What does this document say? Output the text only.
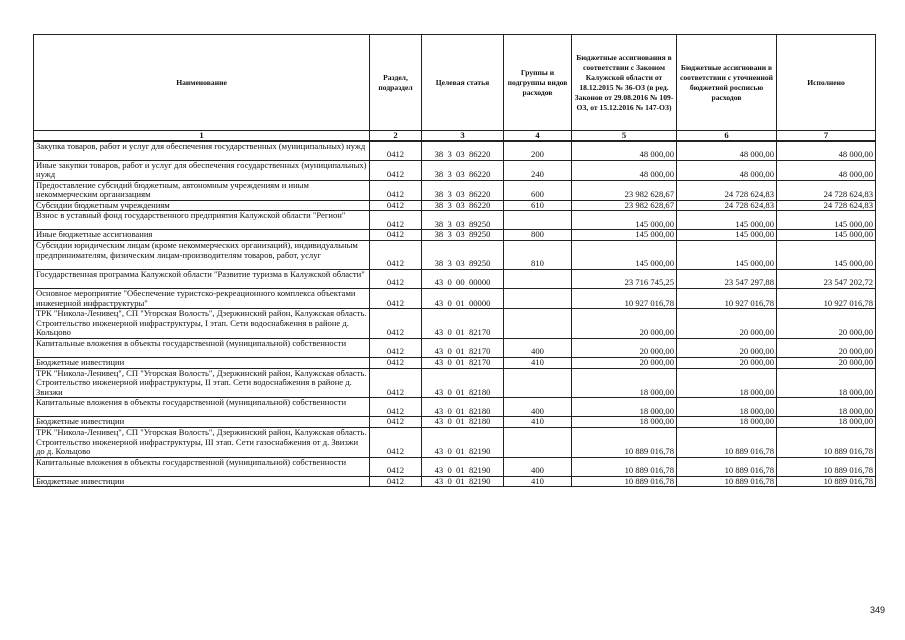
Наименование	Раздел, подраздел	Целевая статья	Группы и подгруппы видов расходов	Бюджетные ассигнования в соответствии с Законом Калужской области от 18.12.2015 № 36-ОЗ (в ред. Законов от 29.08.2016 № 109-ОЗ, от 15.12.2016 № 147-ОЗ)	Бюджетные ассигновани в соответствии с уточненной бюджетной росписью расходов	Исполнено
1	2	3	4	5	6	7
Закупка товаров, работ и услуг для обеспечения государственных (муниципальных) нужд	0412	38  3  03  86220	200	48 000,00	48 000,00	48 000,00
Иные закупки товаров, работ и услуг для обеспечения государственных (муниципальных) нужд	0412	38  3  03  86220	240	48 000,00	48 000,00	48 000,00
Предоставление субсидий бюджетным, автономным учреждениям и иным некоммерческим организациям	0412	38  3  03  86220	600	23 982 628,67	24 728 624,83	24 728 624,83
Субсидии бюджетным учреждениям	0412	38  3  03  86220	610	23 982 628,67	24 728 624,83	24 728 624,83
Взнос в уставный фонд государственного предприятия Калужской области "Регион"	0412	38  3  03  89250		145 000,00	145 000,00	145 000,00
Иные бюджетные ассигнования	0412	38  3  03  89250	800	145 000,00	145 000,00	145 000,00
Субсидии юридическим лицам (кроме некоммерческих организаций), индивидуальным предпринимателям, физическим лицам-производителям товаров, работ, услуг	0412	38  3  03  89250	810	145 000,00	145 000,00	145 000,00
Государственная программа Калужской области "Развитие туризма в Калужской области"	0412	43  0  00  00000		23 716 745,25	23 547 297,88	23 547 202,72
Основное мероприятие "Обеспечение туристско-рекреационного комплекса объектами инженерной инфраструктуры"	0412	43  0  01  00000		10 927 016,78	10 927 016,78	10 927 016,78
ТРК "Никола-Ленивец", СП "Угорская Волость", Дзержинский район, Калужская область. Строительство инженерной инфраструктуры, I этап. Сети водоснабжения в районе д. Кольцово	0412	43  0  01  82170		20 000,00	20 000,00	20 000,00
Капитальные вложения в объекты государственной (муниципальной) собственности	0412	43  0  01  82170	400	20 000,00	20 000,00	20 000,00
Бюджетные инвестиции	0412	43  0  01  82170	410	20 000,00	20 000,00	20 000,00
ТРК "Никола-Ленивец", СП "Угорская Волость", Дзержинский район, Калужская область. Строительство инженерной инфраструктуры, II этап. Сети водоснабжения в районе д. Звизжи	0412	43  0  01  82180		18 000,00	18 000,00	18 000,00
Капитальные вложения в объекты государственной (муниципальной) собственности	0412	43  0  01  82180	400	18 000,00	18 000,00	18 000,00
Бюджетные инвестиции	0412	43  0  01  82180	410	18 000,00	18 000,00	18 000,00
ТРК "Никола-Ленивец", СП "Угорская Волость", Дзержинский район, Калужская область. Строительство инженерной инфраструктуры, III этап. Сети газоснабжения от д. Звизжи до д. Кольцово	0412	43  0  01  82190		10 889 016,78	10 889 016,78	10 889 016,78
Капитальные вложения в объекты государственной (муниципальной) собственности	0412	43  0  01  82190	400	10 889 016,78	10 889 016,78	10 889 016,78
Бюджетные инвестиции	0412	43  0  01  82190	410	10 889 016,78	10 889 016,78	10 889 016,78
349
